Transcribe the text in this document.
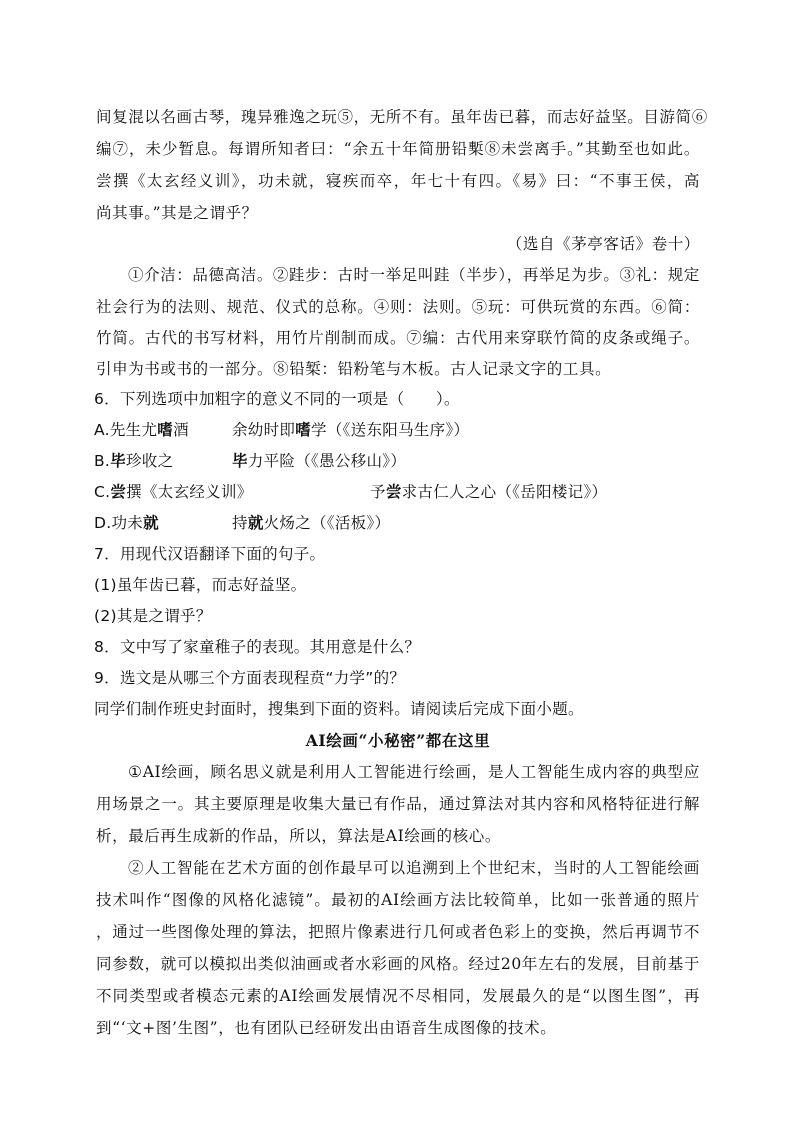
间复混以名画古琴，瑰异雅逸之玩⑤，无所不有。虽年齿已暮，而志好益坚。目游简⑥
编⑦，未少暂息。每谓所知者曰：“余五十年简册铅槧⑧未尝离手。”其勤至也如此。
尝撰《太玄经义训》，功未就，寝疾而卒，年七十有四。《易》曰：“不事王侯，高
尚其事。”其是之谓乎？
（选自《茅亭客话》卷十）
①介洁：品德高洁。②跬步：古时一举足叫跬（半步），再举足为步。③礼：规定
社会行为的法则、规范、仪式的总称。④则：法则。⑤玩：可供玩赏的东西。⑥简：
竹简。古代的书写材料，用竹片削制而成。⑦编：古代用来穿联竹简的皮条或绳子。
引申为书或书的一部分。⑧铅椠：铅粉笔与木板。古人记录文字的工具。
6．下列选项中加粗字的意义不同的一项是（　　）。
A.先生尤嗜酒	余幼时即嗜学（《送东阳马生序》）
B.毕珍收之	毕力平险（《愚公移山》）
C.尝撰《太玄经义训》	予尝求古仁人之心（《岳阳楼记》）
D.功未就	持就火炀之（《活板》）
7．用现代汉语翻译下面的句子。
(1)虽年齿已暮，而志好益坚。
(2)其是之谓乎？
8．文中写了家童稚子的表现。其用意是什么？
9．选文是从哪三个方面表现程贲“力学”的？
同学们制作班史封面时，搜集到下面的资料。请阅读后完成下面小题。
AI绘画“小秘密”都在这里
①AI绘画，顾名思义就是利用人工智能进行绘画，是人工智能生成内容的典型应
用场景之一。其主要原理是收集大量已有作品，通过算法对其内容和风格特征进行解
析，最后再生成新的作品，所以，算法是AI绘画的核心。
②人工智能在艺术方面的创作最早可以追溯到上个世纪末，当时的人工智能绘画
技术叫作“图像的风格化滤镜”。最初的AI绘画方法比较简单，比如一张普通的照片
，通过一些图像处理的算法，把照片像素进行几何或者色彩上的变换，然后再调节不
同参数，就可以模拟出类似油画或者水彩画的风格。经过20年左右的发展，目前基于
不同类型或者模态元素的AI绘画发展情况不尽相同，发展最久的是“以图生图”，再
到“‘文+图’生图”，也有团队已经研发出由语音生成图像的技术。
